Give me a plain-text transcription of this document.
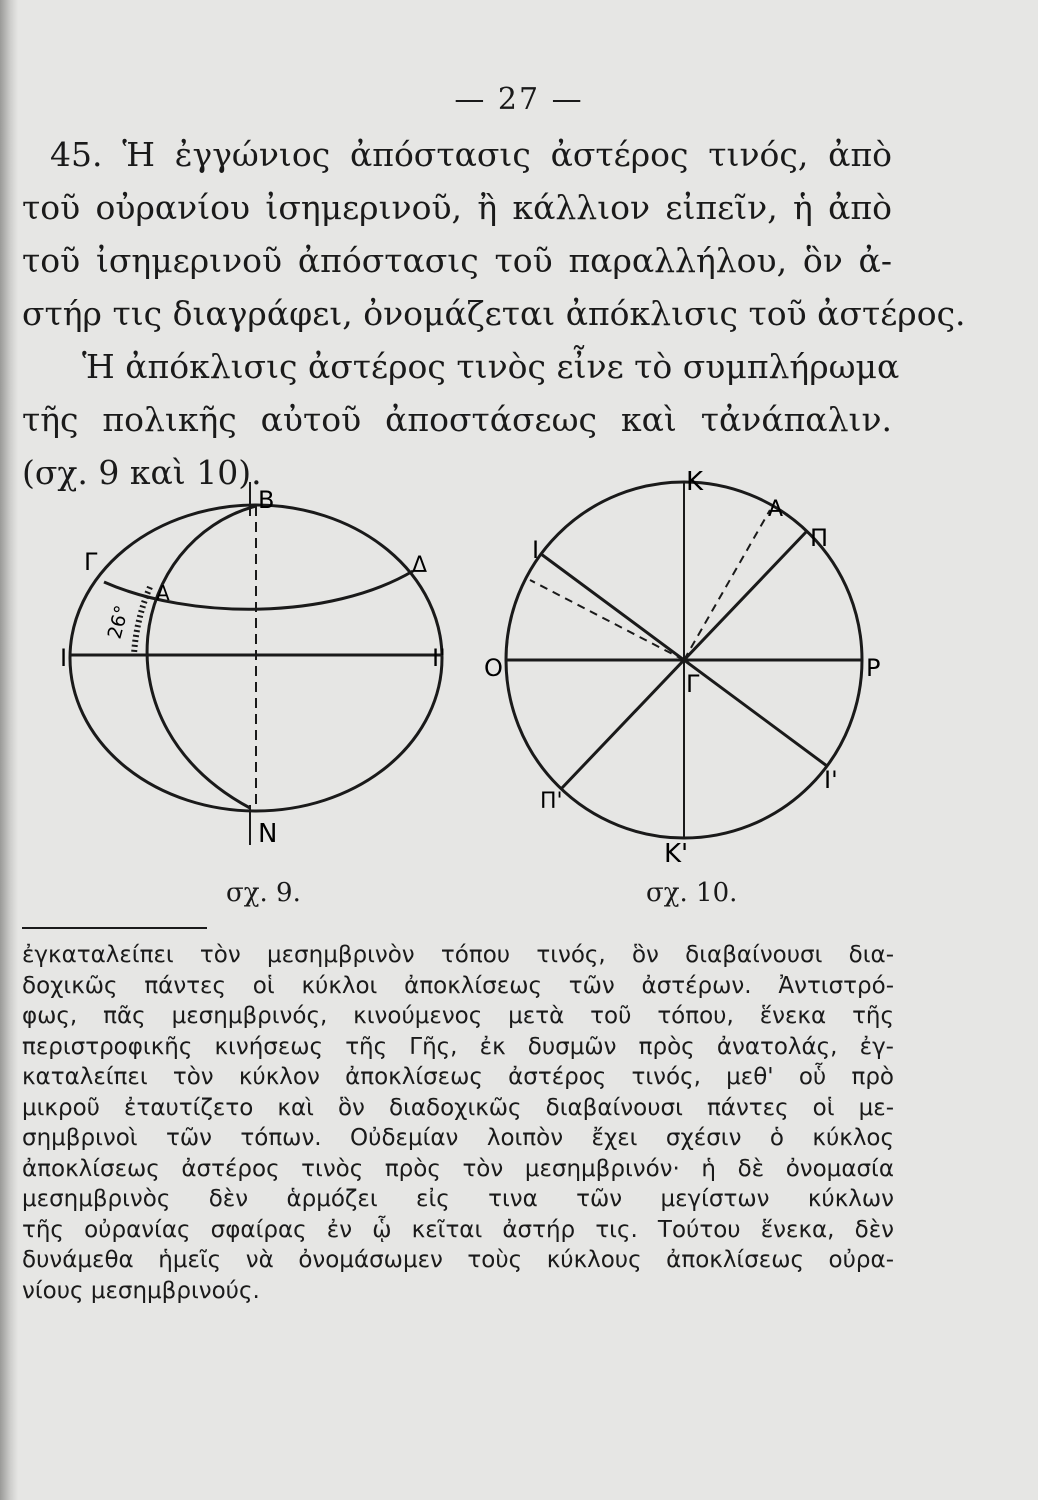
— 27 —
45. Ἡ ἐγγώνιος ἀπόστασις ἀστέρος τινός, ἀπὸ
τοῦ οὐρανίου ἰσημερινοῦ, ἢ κάλλιον εἰπεῖν, ἡ ἀπὸ
τοῦ ἰσημερινοῦ ἀπόστασις τοῦ παραλλήλου, ὃν ἀ-
στήρ τις διαγράφει, ὀνομάζεται ἀπόκλισις τοῦ ἀστέρος.
Ἡ ἀπόκλισις ἀστέρος τινὸς εἶνε τὸ συμπλήρωμα
τῆς πολικῆς αὐτοῦ ἀποστάσεως καὶ τἀνάπαλιν.
(σχ. 9 καὶ 10).
B
N
Γ	Δ
A
I	I'
26°
K
A
Π
I
O	P
Γ
I'
Π'
K'
σχ. 9.	σχ. 10.
ἐγκαταλείπει τὸν μεσημβρινὸν τόπου τινός, ὃν διαβαίνουσι δια-
δοχικῶς πάντες οἱ κύκλοι ἀποκλίσεως τῶν ἀστέρων. Ἀντιστρό-
φως, πᾶς μεσημβρινός, κινούμενος μετὰ τοῦ τόπου, ἕνεκα τῆς
περιστροφικῆς κινήσεως τῆς Γῆς, ἐκ δυσμῶν πρὸς ἀνατολάς, ἐγ-
καταλείπει τὸν κύκλον ἀποκλίσεως ἀστέρος τινός, μεθ' οὗ πρὸ
μικροῦ ἐταυτίζετο καὶ ὃν διαδοχικῶς διαβαίνουσι πάντες οἱ με-
σημβρινοὶ τῶν τόπων. Οὐδεμίαν λοιπὸν ἔχει σχέσιν ὁ κύκλος
ἀποκλίσεως ἀστέρος τινὸς πρὸς τὸν μεσημβρινόν· ἡ δὲ ὀνομασία
μεσημβρινὸς δὲν ἁρμόζει εἰς τινα τῶν μεγίστων κύκλων
τῆς οὐρανίας σφαίρας ἐν ᾧ κεῖται ἀστήρ τις. Τούτου ἕνεκα, δὲν
δυνάμεθα ἡμεῖς νὰ ὀνομάσωμεν τοὺς κύκλους ἀποκλίσεως οὐρα-
νίους μεσημβρινούς.
